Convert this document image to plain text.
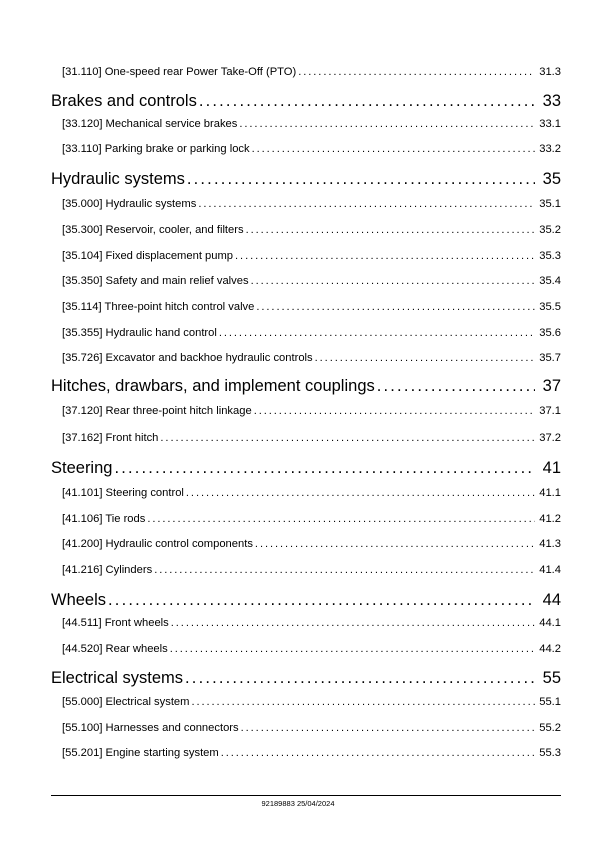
[31.110] One-speed rear Power Take-Off (PTO) . . .	31.3
Brakes and controls . . .	33
[33.120] Mechanical service brakes . . .	33.1
[33.110] Parking brake or parking lock . . .	33.2
Hydraulic systems . . .	35
[35.000] Hydraulic systems . . .	35.1
[35.300] Reservoir, cooler, and filters . . .	35.2
[35.104] Fixed displacement pump . . .	35.3
[35.350] Safety and main relief valves . . .	35.4
[35.114] Three-point hitch control valve . . .	35.5
[35.355] Hydraulic hand control . . .	35.6
[35.726] Excavator and backhoe hydraulic controls . . .	35.7
Hitches, drawbars, and implement couplings . . .	37
[37.120] Rear three-point hitch linkage . . .	37.1
[37.162] Front hitch . . .	37.2
Steering . . .	41
[41.101] Steering control . . .	41.1
[41.106] Tie rods . . .	41.2
[41.200] Hydraulic control components . . .	41.3
[41.216] Cylinders . . .	41.4
Wheels . . .	44
[44.511] Front wheels . . .	44.1
[44.520] Rear wheels . . .	44.2
Electrical systems . . .	55
[55.000] Electrical system . . .	55.1
[55.100] Harnesses and connectors . . .	55.2
[55.201] Engine starting system . . .	55.3
92189883 25/04/2024
